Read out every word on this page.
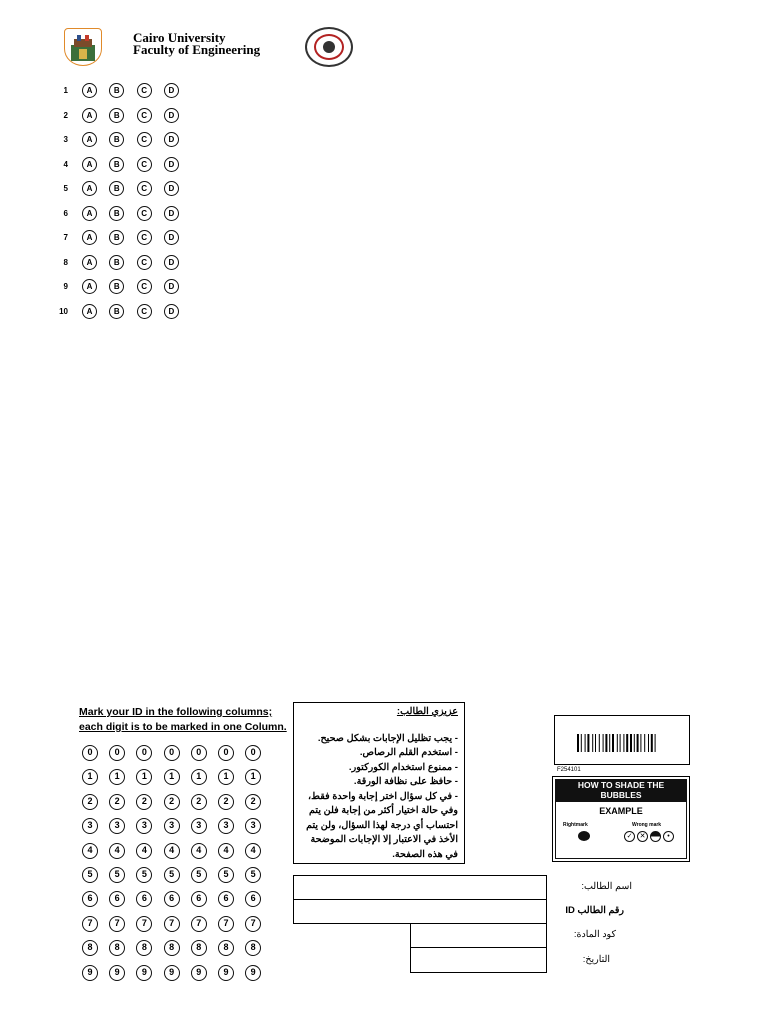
Cairo University
Faculty of Engineering
1	A	B	C	D
2	A	B	C	D
3	A	B	C	D
4	A	B	C	D
5	A	B	C	D
6	A	B	C	D
7	A	B	C	D
8	A	B	C	D
9	A	B	C	D
10	A	B	C	D
Mark your ID in the following columns;
each digit is to be marked in one Column.
0	0	0	0	0	0	0
1	1	1	1	1	1	1
2	2	2	2	2	2	2
3	3	3	3	3	3	3
4	4	4	4	4	4	4
5	5	5	5	5	5	5
6	6	6	6	6	6	6
7	7	7	7	7	7	7
8	8	8	8	8	8	8
9	9	9	9	9	9	9
عزيزي الطالب:
- يجب تظليل الإجابات بشكل صحيح.
- استخدم القلم الرصاص.
- ممنوع استخدام الكوركتور.
- حافظ على نظافة الورقة.
- في كل سؤال اختر إجابة واحدة فقط، وفي حالة اختيار أكثر من إجابة فلن يتم احتساب أي درجة لهذا السؤال، ولن يتم الأخذ في الاعتبار إلا الإجابات الموضحة في هذه الصفحة.
F254101
HOW TO SHADE THE
BUBBLES
EXAMPLE
Rightmark	Wrong mark
✓	✕	•
اسم الطالب:
رقم الطالب ID
كود المادة:
التاريخ:
